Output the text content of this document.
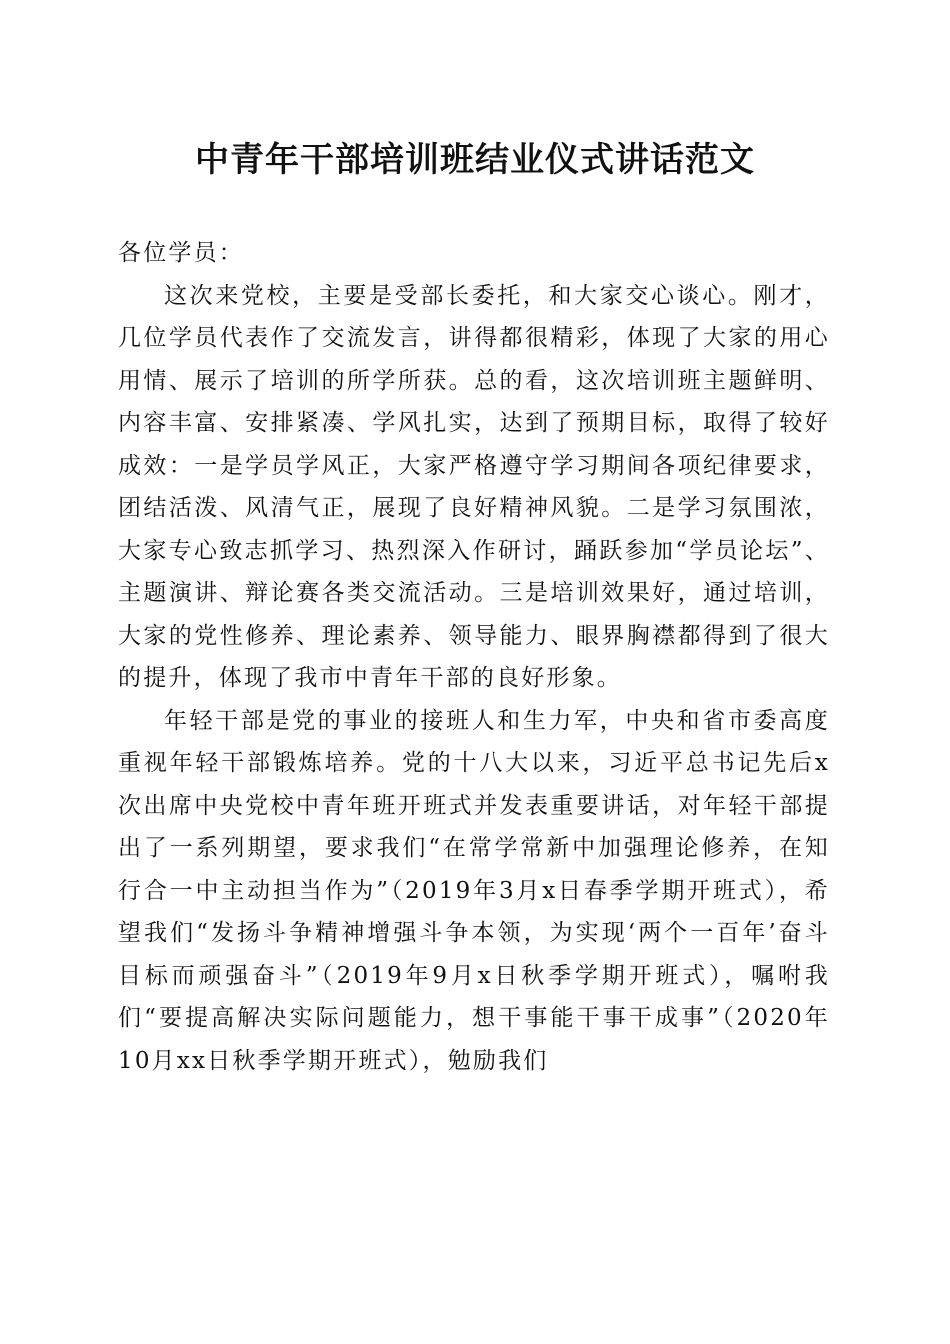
中青年干部培训班结业仪式讲话范文

各位学员：

这次来党校，主要是受部长委托，和大家交心谈心。刚才，几位学员代表作了交流发言，讲得都很精彩，体现了大家的用心用情、展示了培训的所学所获。总的看，这次培训班主题鲜明、内容丰富、安排紧凑、学风扎实，达到了预期目标，取得了较好成效：一是学员学风正，大家严格遵守学习期间各项纪律要求，团结活泼、风清气正，展现了良好精神风貌。二是学习氛围浓，大家专心致志抓学习、热烈深入作研讨，踊跃参加“学员论坛”、主题演讲、辩论赛各类交流活动。三是培训效果好，通过培训，大家的党性修养、理论素养、领导能力、眼界胸襟都得到了很大的提升，体现了我市中青年干部的良好形象。

年轻干部是党的事业的接班人和生力军，中央和省市委高度重视年轻干部锻炼培养。党的十八大以来，习近平总书记先后x次出席中央党校中青年班开班式并发表重要讲话，对年轻干部提出了一系列期望，要求我们“在常学常新中加强理论修养，在知行合一中主动担当作为”（2019年3月x日春季学期开班式），希望我们“发扬斗争精神增强斗争本领，为实现‘两个一百年’奋斗目标而顽强奋斗”（2019年9月x日秋季学期开班式），嘱咐我们“要提高解决实际问题能力，想干事能干事干成事”（2020年10月xx日秋季学期开班式），勉励我们
